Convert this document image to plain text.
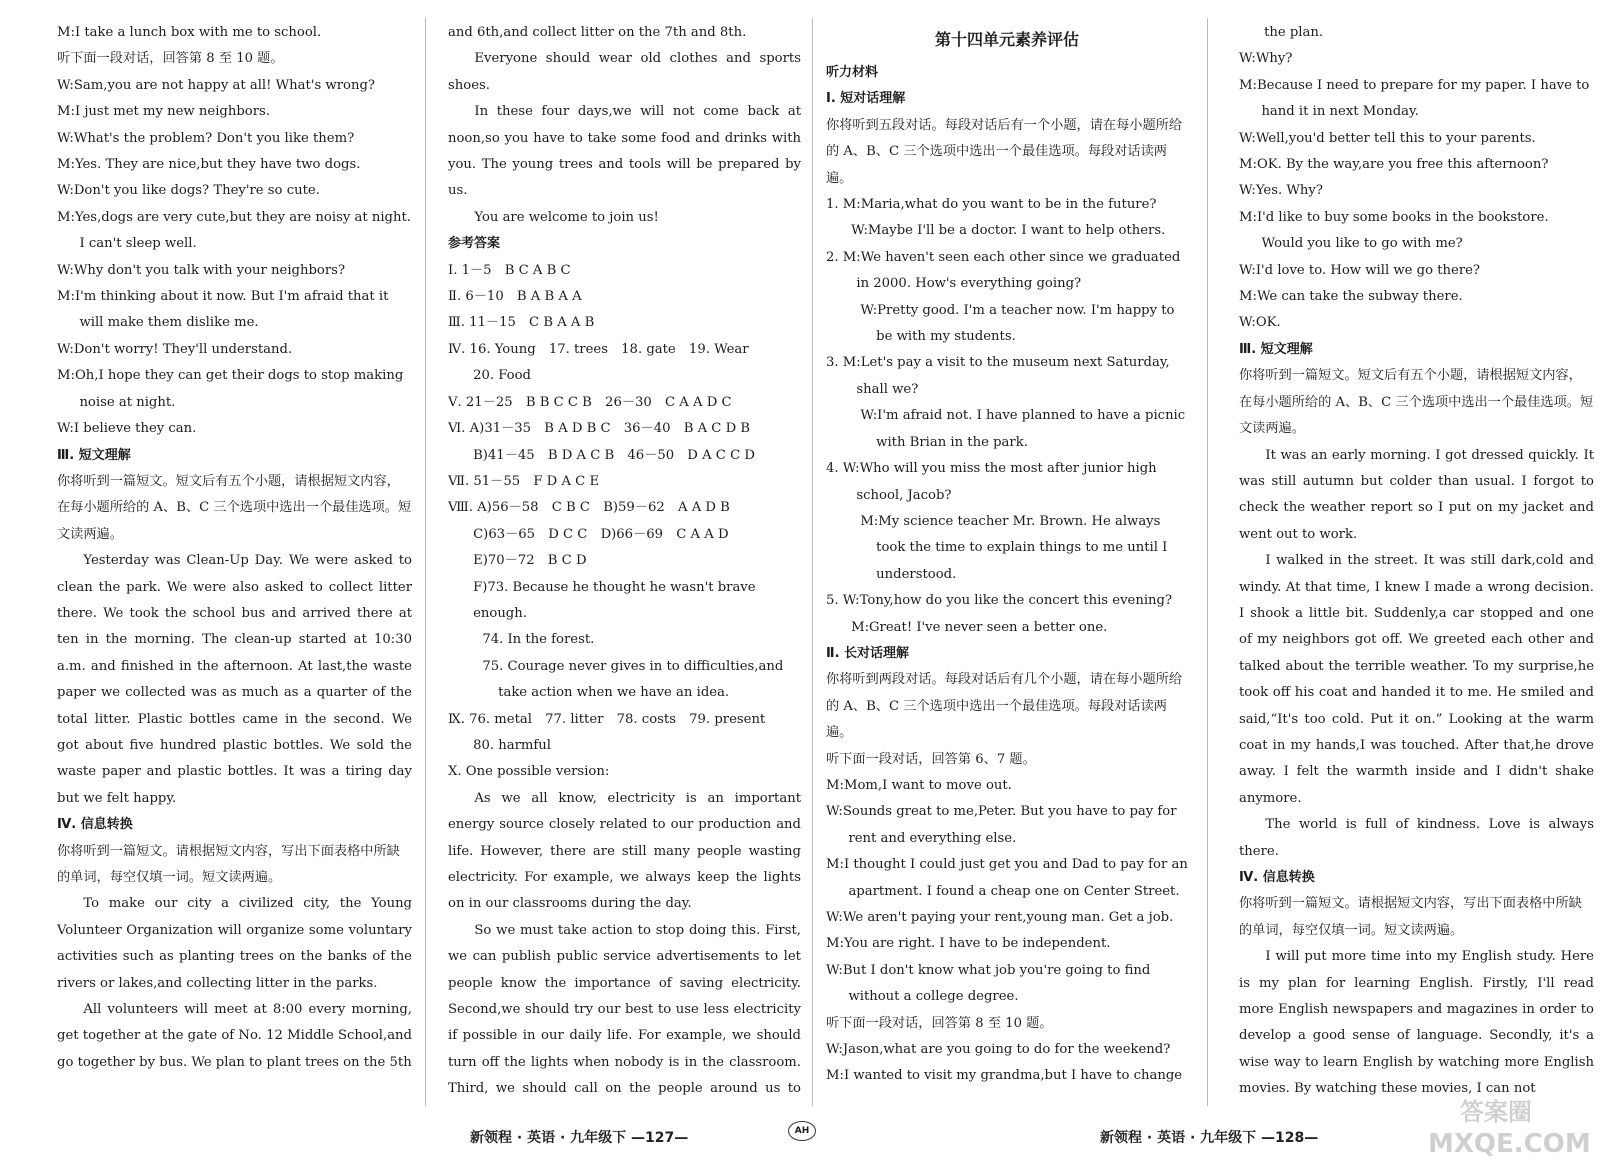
M:I take a lunch box with me to school.

听下面一段对话，回答第 8 至 10 题。

W:Sam,you are not happy at all! What's wrong?

M:I just met my new neighbors.

W:What's the problem? Don't you like them?

M:Yes. They are nice,but they have two dogs.

W:Don't you like dogs? They're so cute.

M:Yes,dogs are very cute,but they are noisy at night. I can't sleep well.

W:Why don't you talk with your neighbors?

M:I'm thinking about it now. But I'm afraid that it will make them dislike me.

W:Don't worry! They'll understand.

M:Oh,I hope they can get their dogs to stop making noise at night.

W:I believe they can.

Ⅲ. 短文理解

你将听到一篇短文。短文后有五个小题，请根据短文内容，在每小题所给的 A、B、C 三个选项中选出一个最佳选项。短文读两遍。

Yesterday was Clean-Up Day. We were asked to clean the park. We were also asked to collect litter there. We took the school bus and arrived there at ten in the morning. The clean-up started at 10:30 a.m. and finished in the afternoon. At last,the waste paper we collected was as much as a quarter of the total litter. Plastic bottles came in the second. We got about five hundred plastic bottles. We sold the waste paper and plastic bottles. It was a tiring day but we felt happy.

Ⅳ. 信息转换

你将听到一篇短文。请根据短文内容，写出下面表格中所缺的单词，每空仅填一词。短文读两遍。

To make our city a civilized city, the Young Volunteer Organization will organize some voluntary activities such as planting trees on the banks of the rivers or lakes,and collecting litter in the parks.

All volunteers will meet at 8:00 every morning, get together at the gate of No. 12 Middle School,and go together by bus. We plan to plant trees on the 5th

and 6th,and collect litter on the 7th and 8th.

Everyone should wear old clothes and sports shoes.

In these four days,we will not come back at noon,so you have to take some food and drinks with you. The young trees and tools will be prepared by us.

You are welcome to join us!

参考答案

Ⅰ. 1－5　B C A B C

Ⅱ. 6－10　B A B A A

Ⅲ. 11－15　C B A A B

Ⅳ. 16. Young　17. trees　18. gate　19. Wear

20. Food

Ⅴ. 21－25　B B C C B　26－30　C A A D C

Ⅵ. A)31－35　B A D B C　36－40　B A C D B

B)41－45　B D A C B　46－50　D A C C D

Ⅶ. 51－55　F D A C E

Ⅷ. A)56－58　C B C　B)59－62　A A D B

C)63－65　D C C　D)66－69　C A A D

E)70－72　B C D

F)73. Because he thought he wasn't brave enough.

74. In the forest.

75. Courage never gives in to difficulties,and take action when we have an idea.

Ⅸ. 76. metal　77. litter　78. costs　79. present

80. harmful

Ⅹ. One possible version:

As we all know, electricity is an important energy source closely related to our production and life. However, there are still many people wasting electricity. For example, we always keep the lights on in our classrooms during the day.

So we must take action to stop doing this. First, we can publish public service advertisements to let people know the importance of saving electricity. Second,we should try our best to use less electricity if possible in our daily life. For example, we should turn off the lights when nobody is in the classroom. Third, we should call on the people around us to

第十四单元素养评估

听力材料

Ⅰ. 短对话理解

你将听到五段对话。每段对话后有一个小题，请在每小题所给的 A、B、C 三个选项中选出一个最佳选项。每段对话读两遍。

1. M:Maria,what do you want to be in the future?

W:Maybe I'll be a doctor. I want to help others.

2. M:We haven't seen each other since we graduated in 2000. How's everything going?

W:Pretty good. I'm a teacher now. I'm happy to be with my students.

3. M:Let's pay a visit to the museum next Saturday, shall we?

W:I'm afraid not. I have planned to have a picnic with Brian in the park.

4. W:Who will you miss the most after junior high school, Jacob?

M:My science teacher Mr. Brown. He always took the time to explain things to me until I understood.

5. W:Tony,how do you like the concert this evening?

M:Great! I've never seen a better one.

Ⅱ. 长对话理解

你将听到两段对话。每段对话后有几个小题，请在每小题所给的 A、B、C 三个选项中选出一个最佳选项。每段对话读两遍。

听下面一段对话，回答第 6、7 题。

M:Mom,I want to move out.

W:Sounds great to me,Peter. But you have to pay for rent and everything else.

M:I thought I could just get you and Dad to pay for an apartment. I found a cheap one on Center Street.

W:We aren't paying your rent,young man. Get a job.

M:You are right. I have to be independent.

W:But I don't know what job you're going to find without a college degree.

听下面一段对话，回答第 8 至 10 题。

W:Jason,what are you going to do for the weekend?

M:I wanted to visit my grandma,but I have to change

the plan.

W:Why?

M:Because I need to prepare for my paper. I have to hand it in next Monday.

W:Well,you'd better tell this to your parents.

M:OK. By the way,are you free this afternoon?

W:Yes. Why?

M:I'd like to buy some books in the bookstore. Would you like to go with me?

W:I'd love to. How will we go there?

M:We can take the subway there.

W:OK.

Ⅲ. 短文理解

你将听到一篇短文。短文后有五个小题，请根据短文内容，在每小题所给的 A、B、C 三个选项中选出一个最佳选项。短文读两遍。

It was an early morning. I got dressed quickly. It was still autumn but colder than usual. I forgot to check the weather report so I put on my jacket and went out to work.

I walked in the street. It was still dark,cold and windy. At that time, I knew I made a wrong decision. I shook a little bit. Suddenly,a car stopped and one of my neighbors got off. We greeted each other and talked about the terrible weather. To my surprise,he took off his coat and handed it to me. He smiled and said,“It's too cold. Put it on.” Looking at the warm coat in my hands,I was touched. After that,he drove away. I felt the warmth inside and I didn't shake anymore.

The world is full of kindness. Love is always there.

Ⅳ. 信息转换

你将听到一篇短文。请根据短文内容，写出下面表格中所缺的单词，每空仅填一词。短文读两遍。

I will put more time into my English study. Here is my plan for learning English. Firstly, I'll read more English newspapers and magazines in order to develop a good sense of language. Secondly, it's a wise way to learn English by watching more English movies. By watching these movies, I can not

新领程 · 英语 · 九年级下 —127—	AH	新领程 · 英语 · 九年级下 —128—
答案圈
MXQE.COM
